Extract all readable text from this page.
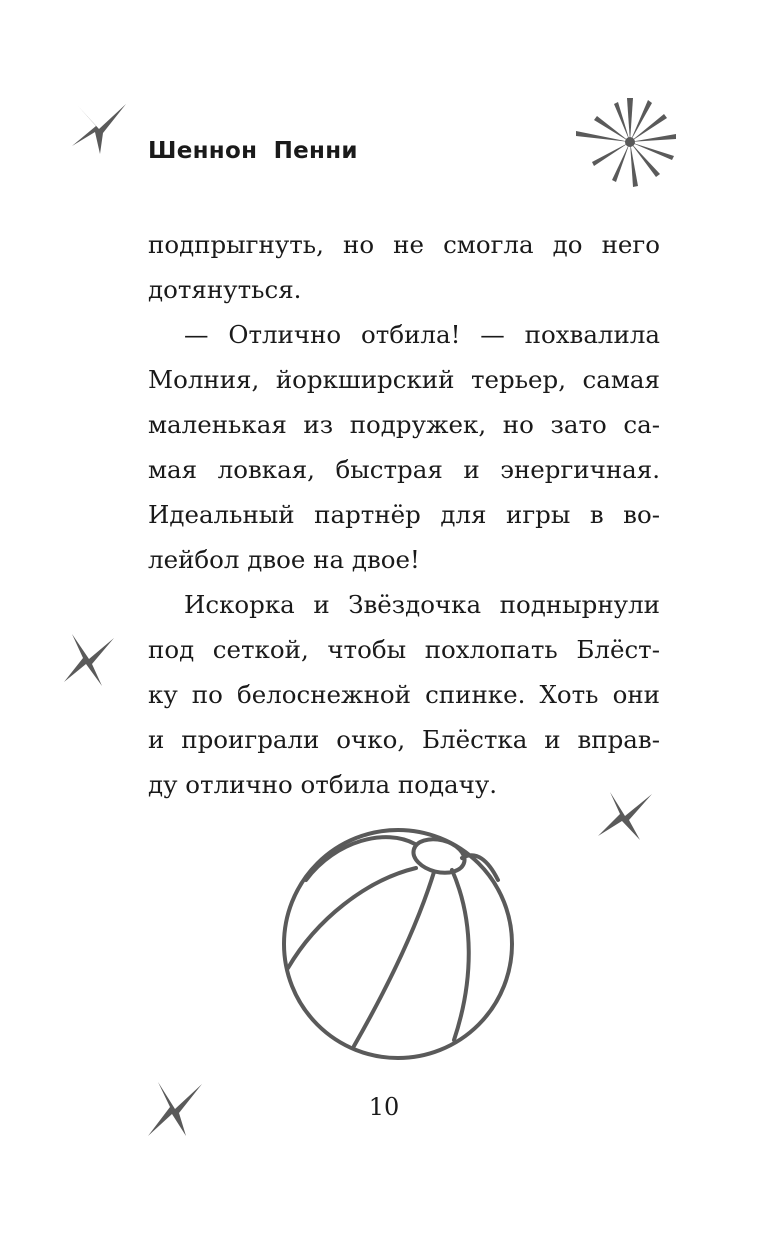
Шеннон Пенни
подпрыгнуть, но не смогла до него
дотянуться.
— Отлично отбила! — похвалила
Молния, йоркширский терьер, самая
маленькая из подружек, но зато са-
мая ловкая, быстрая и энергичная.
Идеальный партнёр для игры в во-
лейбол двое на двое!
Искорка и Звёздочка поднырнули
под сеткой, чтобы похлопать Блёст-
ку по белоснежной спинке. Хоть они
и проиграли очко, Блёстка и вправ-
ду отлично отбила подачу.
10
